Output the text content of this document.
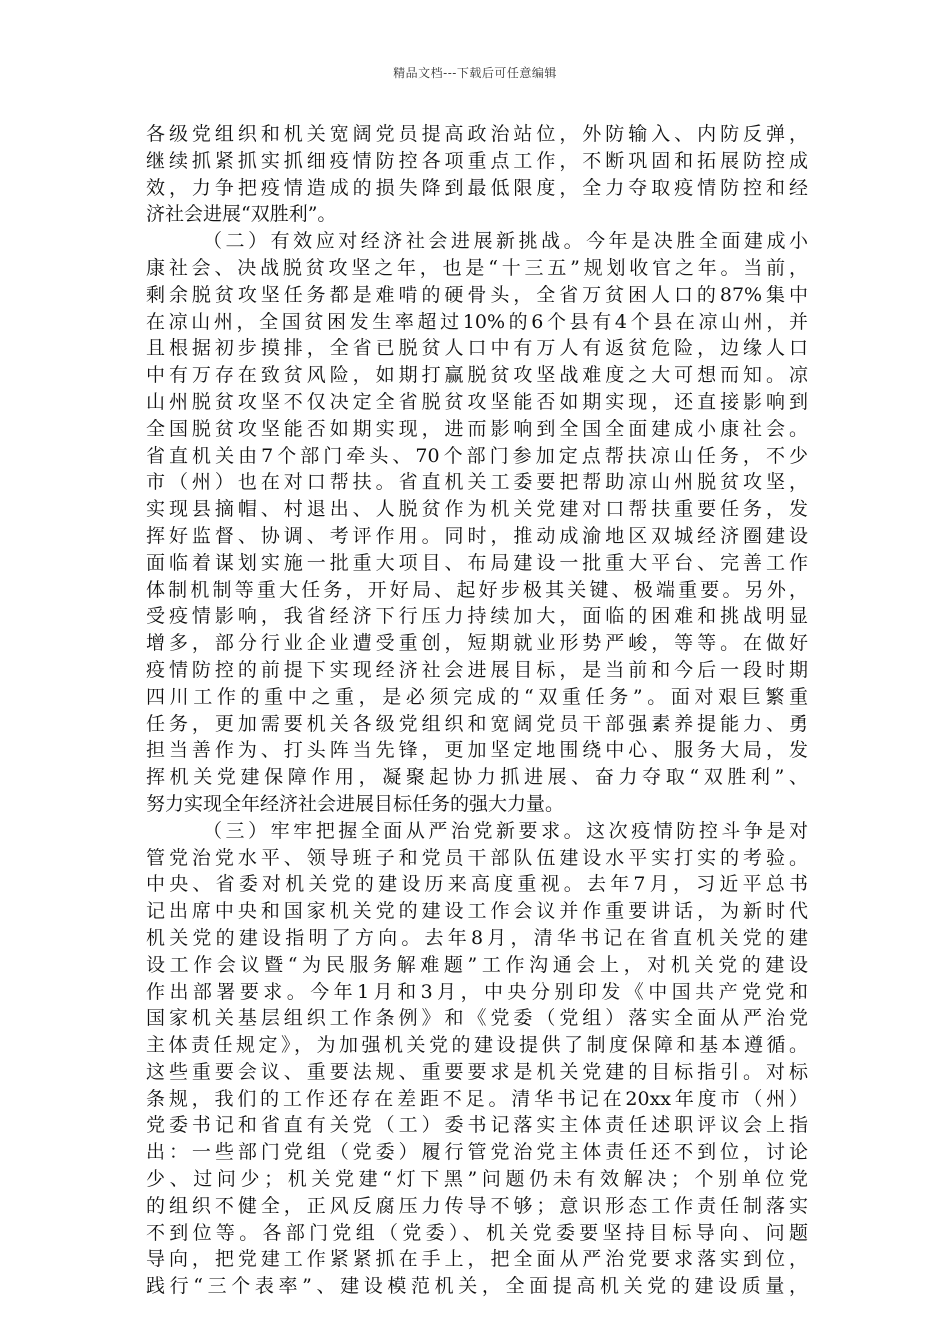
精品文档---下载后可任意编辑
各级党组织和机关宽阔党员提高政治站位，外防输入、内防反弹，
继续抓紧抓实抓细疫情防控各项重点工作，不断巩固和拓展防控成
效，力争把疫情造成的损失降到最低限度，全力夺取疫情防控和经
济社会进展“双胜利”。
（二）有效应对经济社会进展新挑战。今年是决胜全面建成小
康社会、决战脱贫攻坚之年，也是“十三五”规划收官之年。当前，
剩余脱贫攻坚任务都是难啃的硬骨头，全省万贫困人口的87%集中
在凉山州，全国贫困发生率超过10%的6个县有4个县在凉山州，并
且根据初步摸排，全省已脱贫人口中有万人有返贫危险，边缘人口
中有万存在致贫风险，如期打赢脱贫攻坚战难度之大可想而知。凉
山州脱贫攻坚不仅决定全省脱贫攻坚能否如期实现，还直接影响到
全国脱贫攻坚能否如期实现，进而影响到全国全面建成小康社会。
省直机关由7个部门牵头、70个部门参加定点帮扶凉山任务，不少
市（州）也在对口帮扶。省直机关工委要把帮助凉山州脱贫攻坚，
实现县摘帽、村退出、人脱贫作为机关党建对口帮扶重要任务，发
挥好监督、协调、考评作用。同时，推动成渝地区双城经济圈建设
面临着谋划实施一批重大项目、布局建设一批重大平台、完善工作
体制机制等重大任务，开好局、起好步极其关键、极端重要。另外，
受疫情影响，我省经济下行压力持续加大，面临的困难和挑战明显
增多，部分行业企业遭受重创，短期就业形势严峻，等等。在做好
疫情防控的前提下实现经济社会进展目标，是当前和今后一段时期
四川工作的重中之重，是必须完成的“双重任务”。面对艰巨繁重
任务，更加需要机关各级党组织和宽阔党员干部强素养提能力、勇
担当善作为、打头阵当先锋，更加坚定地围绕中心、服务大局，发
挥机关党建保障作用，凝聚起协力抓进展、奋力夺取“双胜利”、
努力实现全年经济社会进展目标任务的强大力量。
（三）牢牢把握全面从严治党新要求。这次疫情防控斗争是对
管党治党水平、领导班子和党员干部队伍建设水平实打实的考验。
中央、省委对机关党的建设历来高度重视。去年7月，习近平总书
记出席中央和国家机关党的建设工作会议并作重要讲话，为新时代
机关党的建设指明了方向。去年8月，清华书记在省直机关党的建
设工作会议暨“为民服务解难题”工作沟通会上，对机关党的建设
作出部署要求。今年1月和3月，中央分别印发《中国共产党党和
国家机关基层组织工作条例》和《党委（党组）落实全面从严治党
主体责任规定》，为加强机关党的建设提供了制度保障和基本遵循。
这些重要会议、重要法规、重要要求是机关党建的目标指引。对标
条规，我们的工作还存在差距不足。清华书记在20xx年度市（州）
党委书记和省直有关党（工）委书记落实主体责任述职评议会上指
出：一些部门党组（党委）履行管党治党主体责任还不到位，讨论
少、过问少；机关党建“灯下黑”问题仍未有效解决；个别单位党
的组织不健全，正风反腐压力传导不够；意识形态工作责任制落实
不到位等。各部门党组（党委）、机关党委要坚持目标导向、问题
导向，把党建工作紧紧抓在手上，把全面从严治党要求落实到位，
践行“三个表率”、建设模范机关，全面提高机关党的建设质量，
